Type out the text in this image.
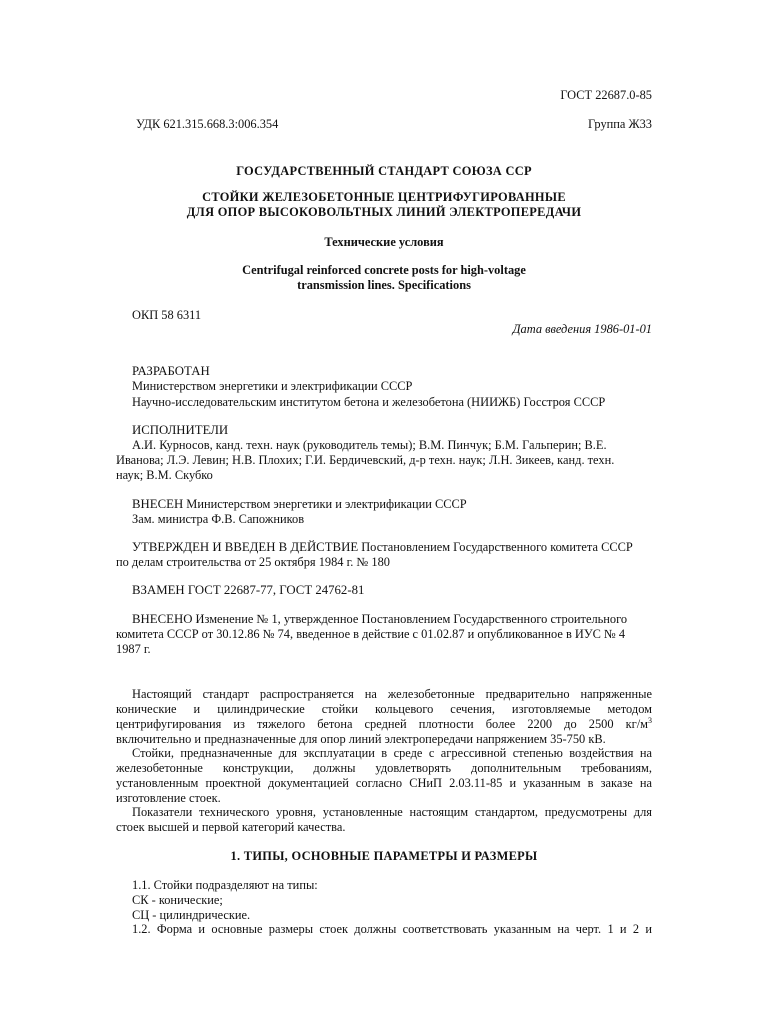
ГОСТ 22687.0-85
УДК 621.315.668.3:006.354	Группа Ж33
ГОСУДАРСТВЕННЫЙ СТАНДАРТ СОЮЗА ССР
СТОЙКИ ЖЕЛЕЗОБЕТОННЫЕ ЦЕНТРИФУГИРОВАННЫЕ
ДЛЯ ОПОР ВЫСОКОВОЛЬТНЫХ ЛИНИЙ ЭЛЕКТРОПЕРЕДАЧИ
Технические условия
Centrifugal reinforced concrete posts for high-voltage
transmission lines. Specifications
ОКП 58 6311
Дата введения 1986-01-01
РАЗРАБОТАН
Министерством энергетики и электрификации СССР
Научно-исследовательским институтом бетона и железобетона (НИИЖБ) Госстроя СССР
ИСПОЛНИТЕЛИ
А.И. Курносов, канд. техн. наук (руководитель темы); В.М. Пинчук; Б.М. Гальперин; В.Е.
Иванова; Л.Э. Левин; Н.В. Плохих; Г.И. Бердичевский, д-р техн. наук; Л.Н. Зикеев, канд. техн.
наук; В.М. Скубко
ВНЕСЕН Министерством энергетики и электрификации СССР
Зам. министра Ф.В. Сапожников
УТВЕРЖДЕН И ВВЕДЕН В ДЕЙСТВИЕ Постановлением Государственного комитета СССР
по делам строительства от 25 октября 1984 г. № 180
ВЗАМЕН ГОСТ 22687-77, ГОСТ 24762-81
ВНЕСЕНО Изменение № 1, утвержденное Постановлением Государственного строительного
комитета СССР от 30.12.86 № 74, введенное в действие с 01.02.87 и опубликованное в ИУС № 4
1987 г.
Настоящий стандарт распространяется на железобетонные предварительно напряженные
конические и цилиндрические стойки кольцевого сечения, изготовляемые методом
центрифугирования из тяжелого бетона средней плотности более 2200 до 2500 $кг/м^3$
включительно и предназначенные для опор линий электропередачи напряжением 35-750 кВ.
Стойки, предназначенные для эксплуатации в среде с агрессивной степенью воздействия на
железобетонные конструкции, должны удовлетворять дополнительным требованиям,
установленным проектной документацией согласно СНиП 2.03.11-85 и указанным в заказе на
изготовление стоек.
Показатели технического уровня, установленные настоящим стандартом, предусмотрены для
стоек высшей и первой категорий качества.
1. ТИПЫ, ОСНОВНЫЕ ПАРАМЕТРЫ И РАЗМЕРЫ
1.1. Стойки подразделяют на типы:
СК - конические;
СЦ - цилиндрические.
1.2. Форма и основные размеры стоек должны соответствовать указанным на черт. 1 и 2 и
